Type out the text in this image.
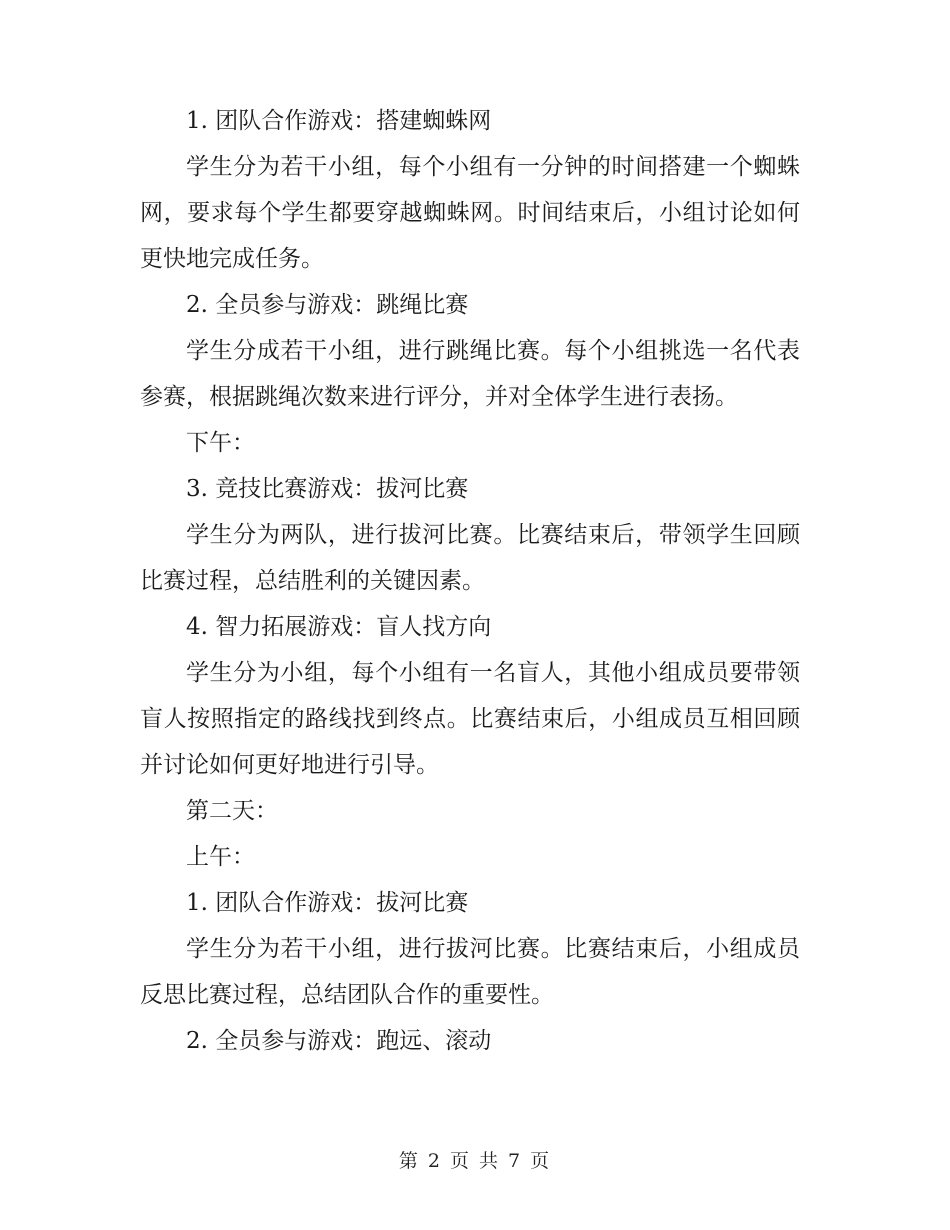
1. 团队合作游戏：搭建蜘蛛网
学生分为若干小组，每个小组有一分钟的时间搭建一个蜘蛛网，要求每个学生都要穿越蜘蛛网。时间结束后，小组讨论如何更快地完成任务。
2. 全员参与游戏：跳绳比赛
学生分成若干小组，进行跳绳比赛。每个小组挑选一名代表参赛，根据跳绳次数来进行评分，并对全体学生进行表扬。
下午：
3. 竞技比赛游戏：拔河比赛
学生分为两队，进行拔河比赛。比赛结束后，带领学生回顾比赛过程，总结胜利的关键因素。
4. 智力拓展游戏：盲人找方向
学生分为小组，每个小组有一名盲人，其他小组成员要带领盲人按照指定的路线找到终点。比赛结束后，小组成员互相回顾并讨论如何更好地进行引导。
第二天：
上午：
1. 团队合作游戏：拔河比赛
学生分为若干小组，进行拔河比赛。比赛结束后，小组成员反思比赛过程，总结团队合作的重要性。
2. 全员参与游戏：跑远、滚动
第 2 页 共 7 页
